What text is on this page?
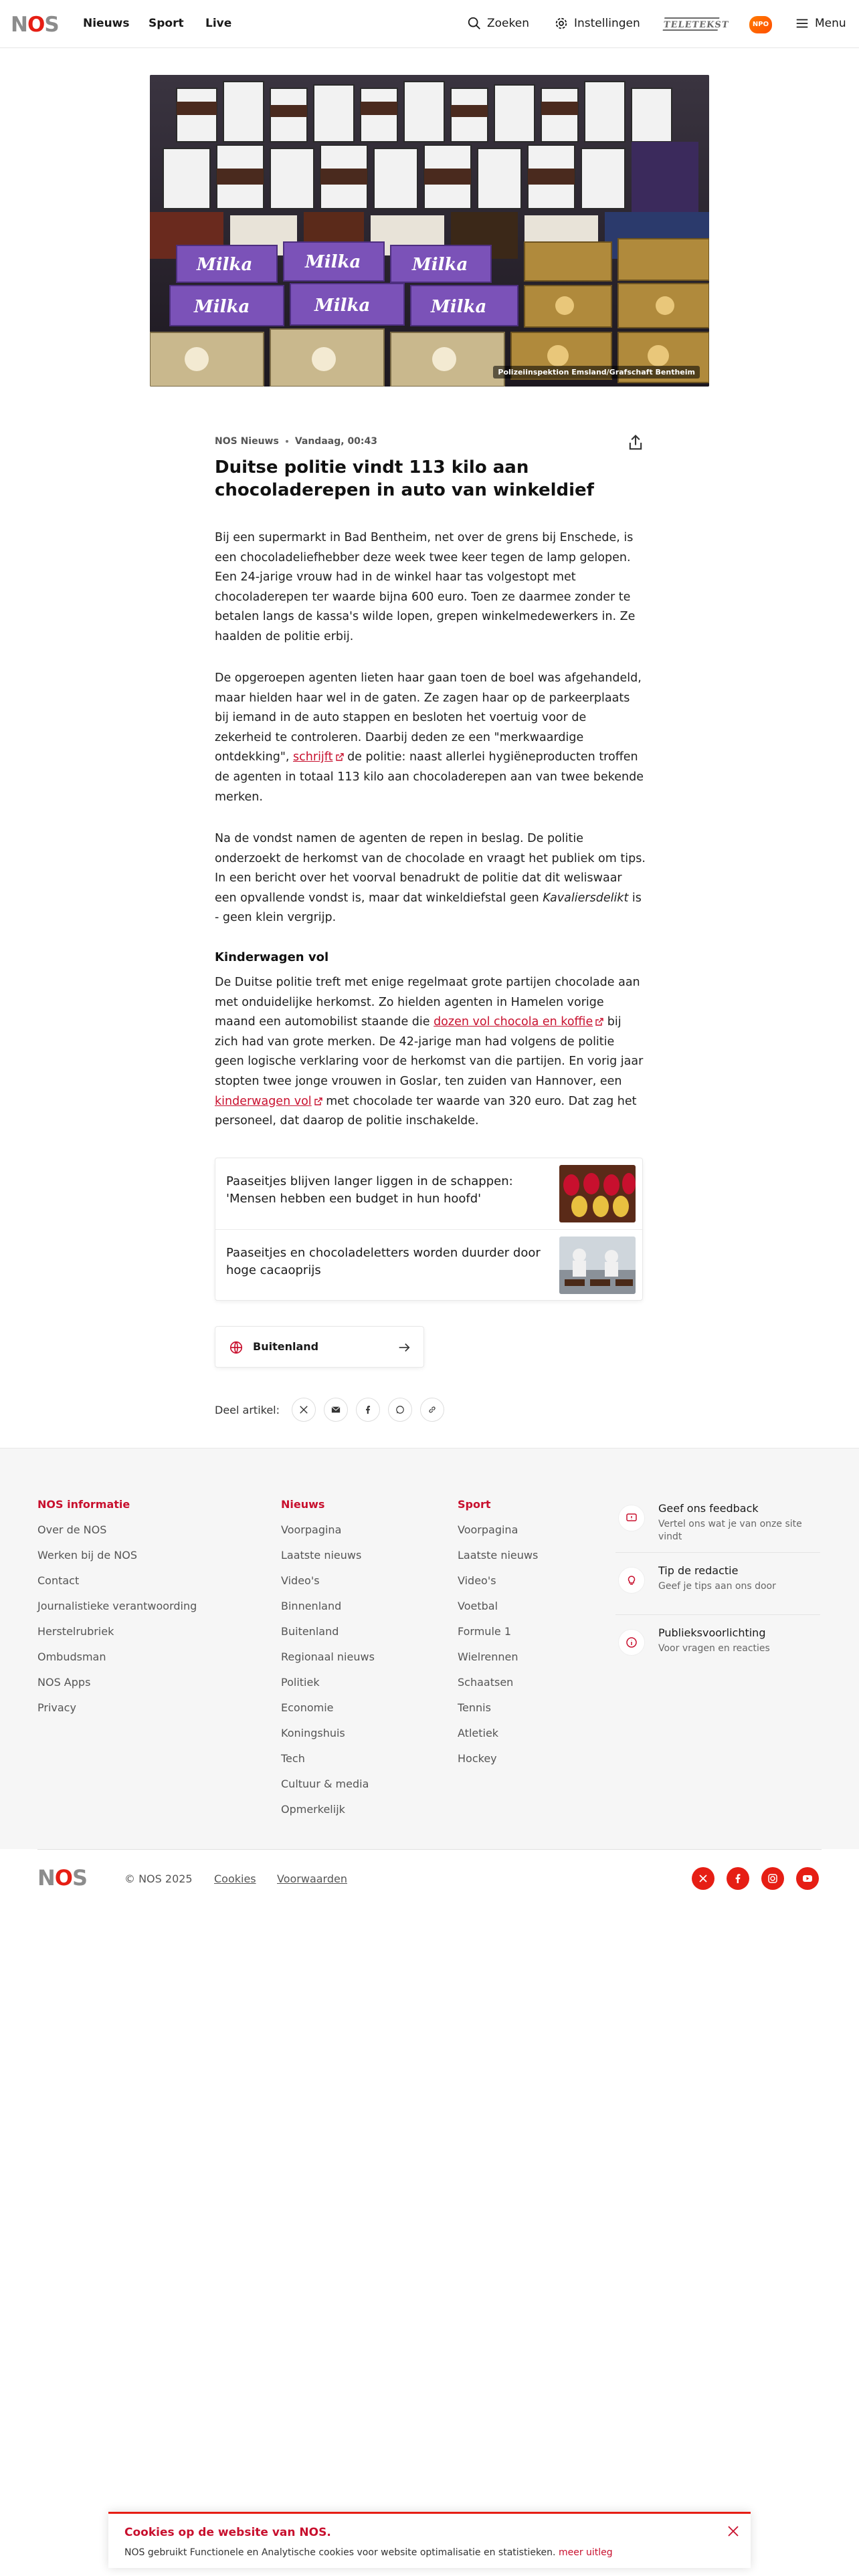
NOS Nieuws Sport Live	Zoeken	Instellingen	TELETEKST	NPO	Menu
Milka	Milka	Milka
Milka	Milka	Milka
Polizeiinspektion Emsland/Grafschaft Bentheim
NOS Nieuws Vandaag, 00:43
Duitse politie vindt 113 kilo aan chocoladerepen in auto van winkeldief

Bij een supermarkt in Bad Bentheim, net over de grens bij Enschede, is een chocoladeliefhebber deze week twee keer tegen de lamp gelopen. Een 24-jarige vrouw had in de winkel haar tas volgestopt met chocoladerepen ter waarde bijna 600 euro. Toen ze daarmee zonder te betalen langs de kassa's wilde lopen, grepen winkelmedewerkers in. Ze haalden de politie erbij.

De opgeroepen agenten lieten haar gaan toen de boel was afgehandeld, maar hielden haar wel in de gaten. Ze zagen haar op de parkeerplaats bij iemand in de auto stappen en besloten het voertuig voor de zekerheid te controleren. Daarbij deden ze een "merkwaardige ontdekking", schrijft de politie: naast allerlei hygiëneproducten troffen de agenten in totaal 113 kilo aan chocoladerepen aan van twee bekende merken.

Na de vondst namen de agenten de repen in beslag. De politie onderzoekt de herkomst van de chocolade en vraagt het publiek om tips. In een bericht over het voorval benadrukt de politie dat dit weliswaar een opvallende vondst is, maar dat winkeldiefstal geen Kavaliersdelikt is - geen klein vergrijp.

Kinderwagen vol

De Duitse politie treft met enige regelmaat grote partijen chocolade aan met onduidelijke herkomst. Zo hielden agenten in Hamelen vorige maand een automobilist staande die dozen vol chocola en koffie bij zich had van grote merken. De 42-jarige man had volgens de politie geen logische verklaring voor de herkomst van die partijen. En vorig jaar stopten twee jonge vrouwen in Goslar, ten zuiden van Hannover, een kinderwagen vol met chocolade ter waarde van 320 euro. Dat zag het personeel, dat daarop de politie inschakelde.

Paaseitjes blijven langer liggen in de schappen: 'Mensen hebben een budget in hun hoofd'
Paaseitjes en chocoladeletters worden duurder door hoge cacaoprijs
Buitenland
Deel artikel:
NOS informatie
Over de NOS
Werken bij de NOS
Contact
Journalistieke verantwoording
Herstelrubriek
Ombudsman
NOS Apps
Privacy
Nieuws
Voorpagina
Laatste nieuws
Video's
Binnenland
Buitenland
Regionaal nieuws
Politiek
Economie
Koningshuis
Tech
Cultuur & media
Opmerkelijk
Sport
Voorpagina
Laatste nieuws
Video's
Voetbal
Formule 1
Wielrennen
Schaatsen
Tennis
Atletiek
Hockey
Geef ons feedback
Vertel ons wat je van onze site vindt
Tip de redactie
Geef je tips aan ons door
Publieksvoorlichting
Voor vragen en reacties
NOS	© NOS 2025 Cookies Voorwaarden
Cookies op de website van NOS.
NOS gebruikt Functionele en Analytische cookies voor website optimalisatie en statistieken. meer uitleg
